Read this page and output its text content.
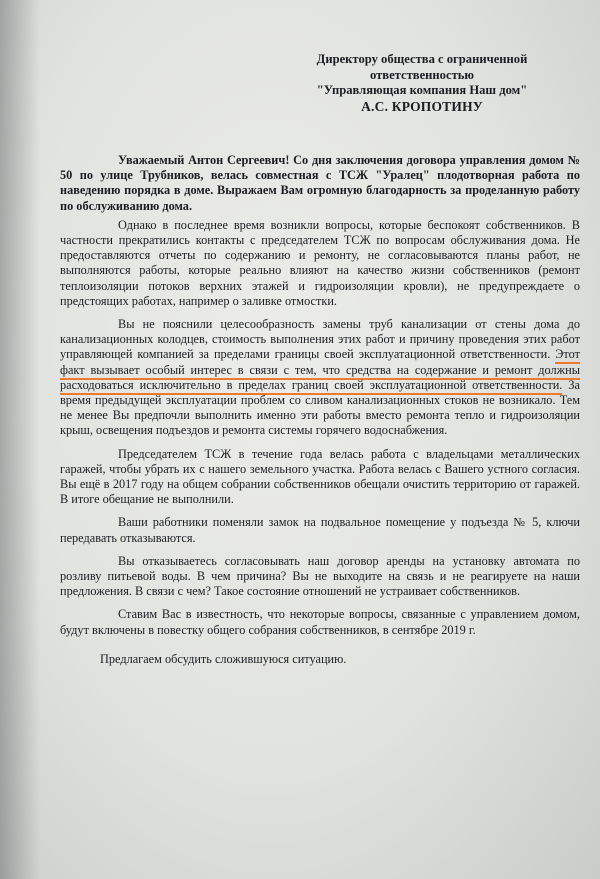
Директору общества с ограниченной
ответственностью
"Управляющая компания Наш дом"
А.С. КРОПОТИНУ

Уважаемый Антон Сергеевич! Со дня заключения договора управления домом № 50 по улице Трубников, велась совместная с ТСЖ "Уралец" плодотворная работа по наведению порядка в доме. Выражаем Вам огромную благодарность за проделанную работу по обслуживанию дома.

Однако в последнее время возникли вопросы, которые беспокоят собственников. В частности прекратились контакты с председателем ТСЖ по вопросам обслуживания дома. Не предоставляются отчеты по содержанию и ремонту, не согласовываются планы работ, не выполняются работы, которые реально влияют на качество жизни собственников (ремонт теплоизоляции потоков верхних этажей и гидроизоляции кровли), не предупреждаете о предстоящих работах, например о заливке отмостки.

Вы не пояснили целесообразность замены труб канализации от стены дома до канализационных колодцев, стоимость выполнения этих работ и причину проведения этих работ управляющей компанией за пределами границы своей эксплуатационной ответственности. Этот факт вызывает особый интерес в связи с тем, что средства на содержание и ремонт должны расходоваться исключительно в пределах границ своей эксплуатационной ответственности. За время предыдущей эксплуатации проблем со сливом канализационных стоков не возникало. Тем не менее Вы предпочли выполнить именно эти работы вместо ремонта тепло и гидроизоляции крыш, освещения подъездов и ремонта системы горячего водоснабжения.

Председателем ТСЖ в течение года велась работа с владельцами металлических гаражей, чтобы убрать их с нашего земельного участка. Работа велась с Вашего устного согласия. Вы ещё в 2017 году на общем собрании собственников обещали очистить территорию от гаражей. В итоге обещание не выполнили.

Ваши работники поменяли замок на подвальное помещение у подъезда № 5, ключи передавать отказываются.

Вы отказываетесь согласовывать наш договор аренды на установку автомата по розливу питьевой воды. В чем причина? Вы не выходите на связь и не реагируете на наши предложения. В связи с чем? Такое состояние отношений не устраивает собственников.

Ставим Вас в известность, что некоторые вопросы, связанные с управлением домом, будут включены в повестку общего собрания собственников, в сентябре 2019 г.

Предлагаем обсудить сложившуюся ситуацию.
